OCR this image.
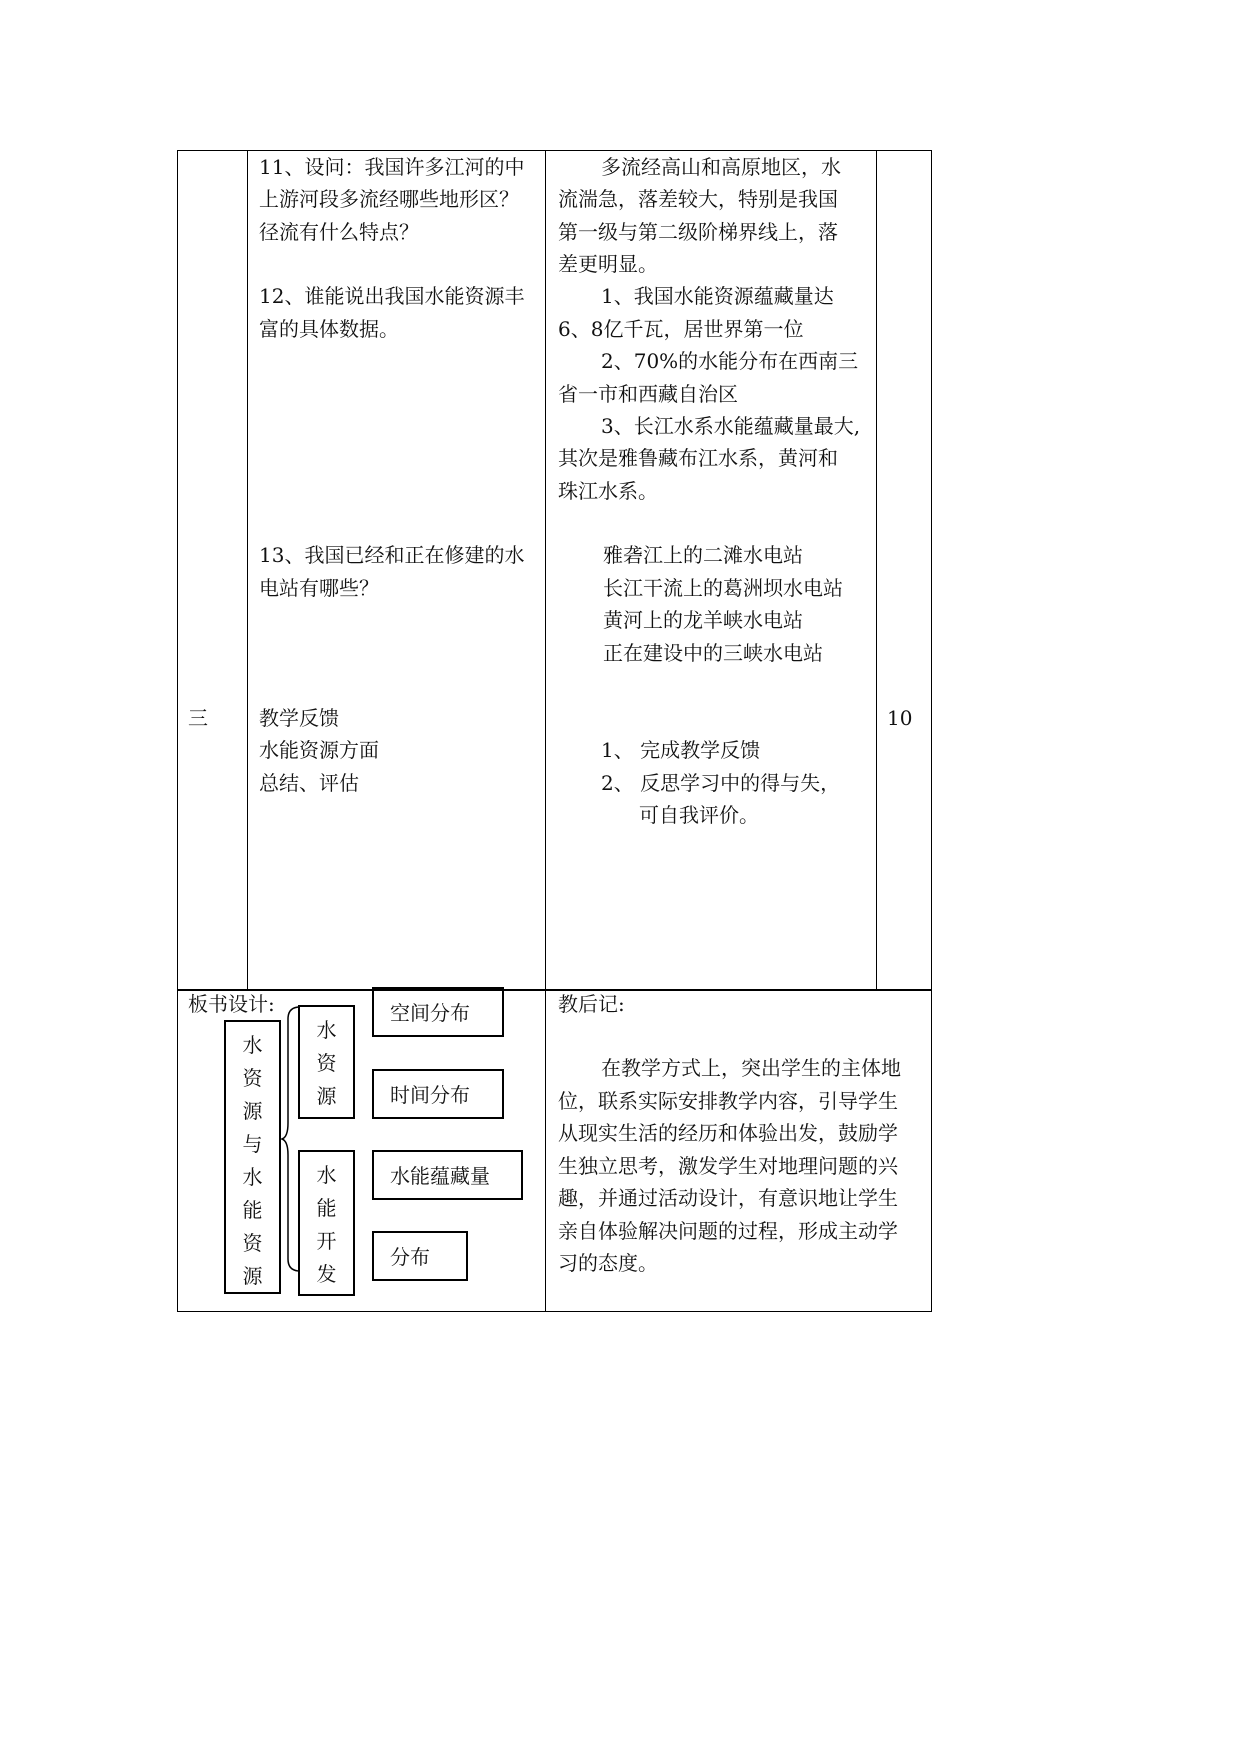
三	10
11、设问：我国许多江河的中
上游河段多流经哪些地形区？
径流有什么特点？
12、谁能说出我国水能资源丰
富的具体数据。
13、我国已经和正在修建的水
电站有哪些？
教学反馈
水能资源方面
总结、评估
多流经高山和高原地区，水
流湍急，落差较大，特别是我国
第一级与第二级阶梯界线上，落
差更明显。
1、我国水能资源蕴藏量达
6、8亿千瓦，居世界第一位
2、70%的水能分布在西南三
省一市和西藏自治区
3、长江水系水能蕴藏量最大,
其次是雅鲁藏布江水系，黄河和
珠江水系。
雅砻江上的二滩水电站
长江干流上的葛洲坝水电站
黄河上的龙羊峡水电站
正在建设中的三峡水电站
1、 完成教学反馈
2、 反思学习中的得与失，
可自我评价。
板书设计:
水
资
源
与
水
能
资
源
水
资
源
水
能
开
发
空间分布
时间分布
水能蕴藏量
分布
教后记:
在教学方式上，突出学生的主体地
位，联系实际安排教学内容，引导学生
从现实生活的经历和体验出发，鼓励学
生独立思考，激发学生对地理问题的兴
趣，并通过活动设计，有意识地让学生
亲自体验解决问题的过程，形成主动学
习的态度。
